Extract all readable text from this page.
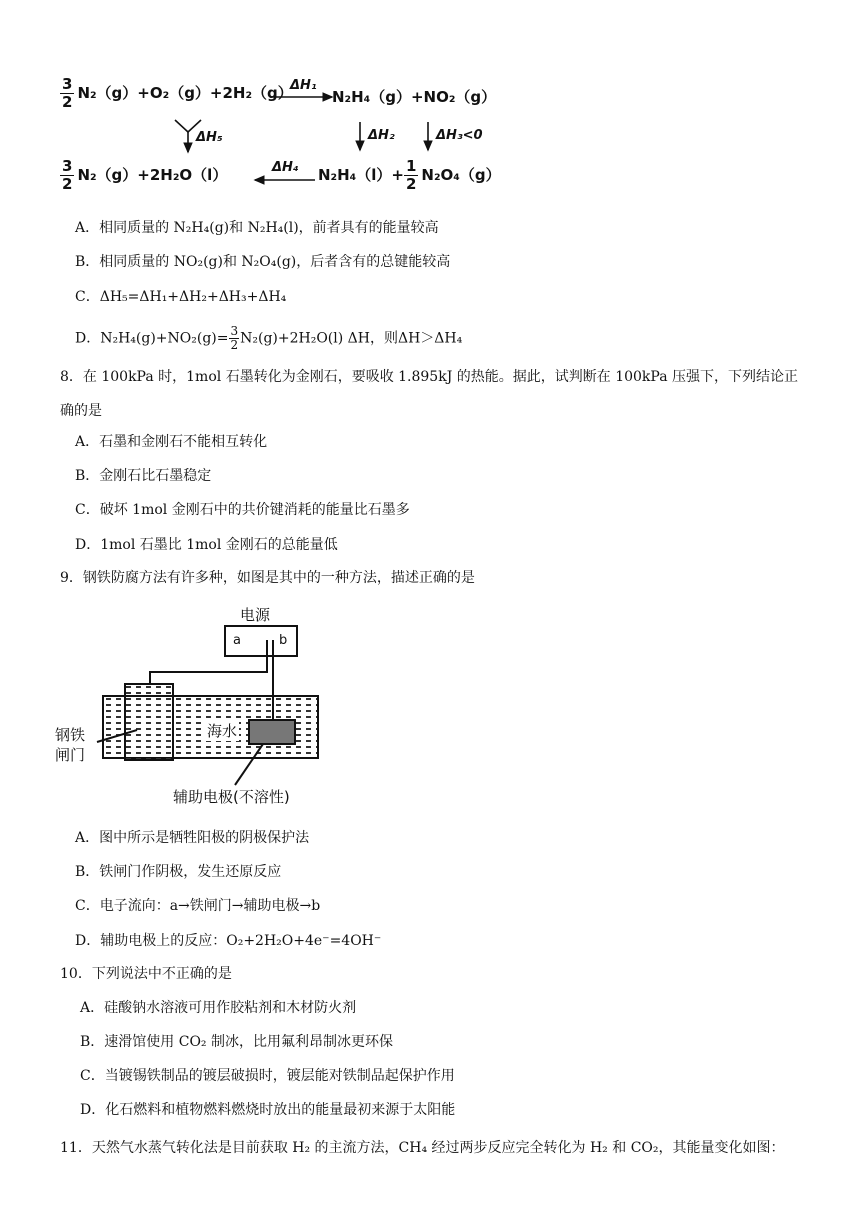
$\frac{3}{2} N_2(g)+O_2(g)+2H_2(g)$
ΔH₁
N₂H₄（g）+NO₂（g）
ΔH₅	ΔH₂	ΔH₃<0
$\frac{3}{2} N_2(g)+2H_2O(l)$	ΔH₄ $N_2H_4(l)+ \frac{1}{2} N_2O_4(g)$
A．相同质量的 N₂H₄(g)和 N₂H₄(l)，前者具有的能量较高
B．相同质量的 NO₂(g)和 N₂O₄(g)，后者含有的总键能较高
C．ΔH₅=ΔH₁+ΔH₂+ΔH₃+ΔH₄
D．$N_2H_4(g)+NO_2(g)= \frac{3}{2} N_2(g)+2H_2O(l)$ ΔH，则ΔH＞ΔH₄
8．在 100kPa 时，1mol 石墨转化为金刚石，要吸收 1.895kJ 的热能。据此，试判断在 100kPa 压强下，下列结论正确的是
A．石墨和金刚石不能相互转化
B．金刚石比石墨稳定
C．破坏 1mol 金刚石中的共价键消耗的能量比石墨多
D．1mol 石墨比 1mol 金刚石的总能量低
9．钢铁防腐方法有许多种，如图是其中的一种方法，描述正确的是
电源
a	b
海水
钢铁
闸门
辅助电极(不溶性)
A．图中所示是牺牲阳极的阴极保护法
B．铁闸门作阴极，发生还原反应
C．电子流向：a→铁闸门→辅助电极→b
D．辅助电极上的反应：O₂+2H₂O+4e⁻=4OH⁻
10．下列说法中不正确的是
A．硅酸钠水溶液可用作胶粘剂和木材防火剂
B．速滑馆使用 CO₂ 制冰，比用氟利昂制冰更环保
C．当镀锡铁制品的镀层破损时，镀层能对铁制品起保护作用
D．化石燃料和植物燃料燃烧时放出的能量最初来源于太阳能
11．天然气水蒸气转化法是目前获取 H₂ 的主流方法，CH₄ 经过两步反应完全转化为 H₂ 和 CO₂，其能量变化如图：
